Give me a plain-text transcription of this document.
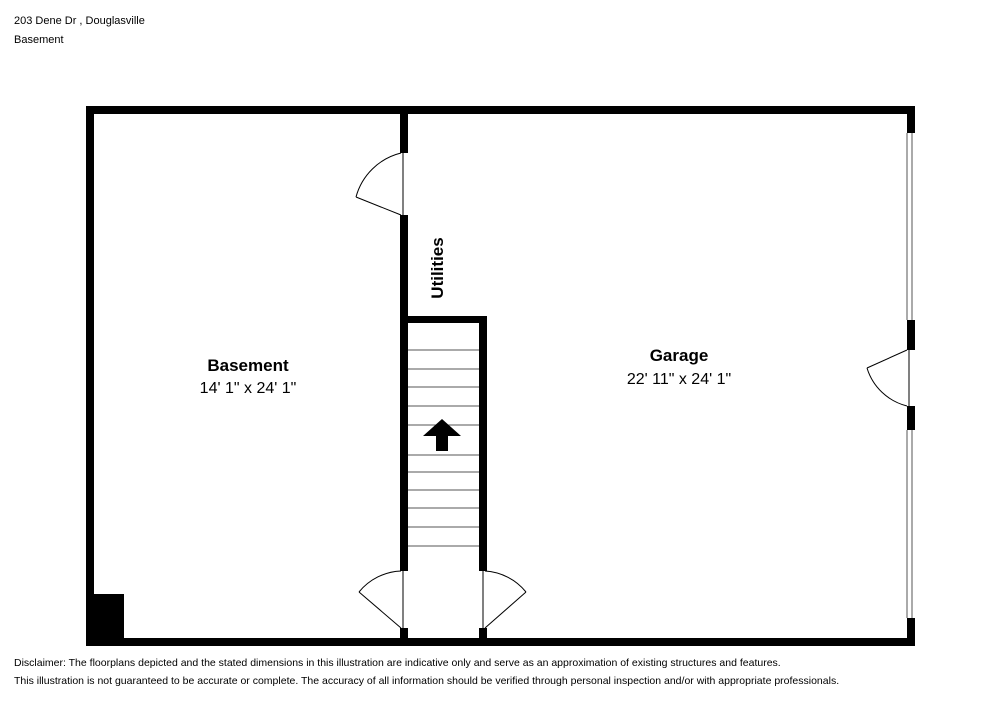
203 Dene Dr , Douglasville
Basement
Basement
14' 1" x 24' 1"
Garage
22' 11" x 24' 1"
Utilities
Disclaimer: The floorplans depicted and the stated dimensions in this illustration are indicative only and serve as an approximation of existing structures and features.
This illustration is not guaranteed to be accurate or complete. The accuracy of all information should be verified through personal inspection and/or with appropriate professionals.
